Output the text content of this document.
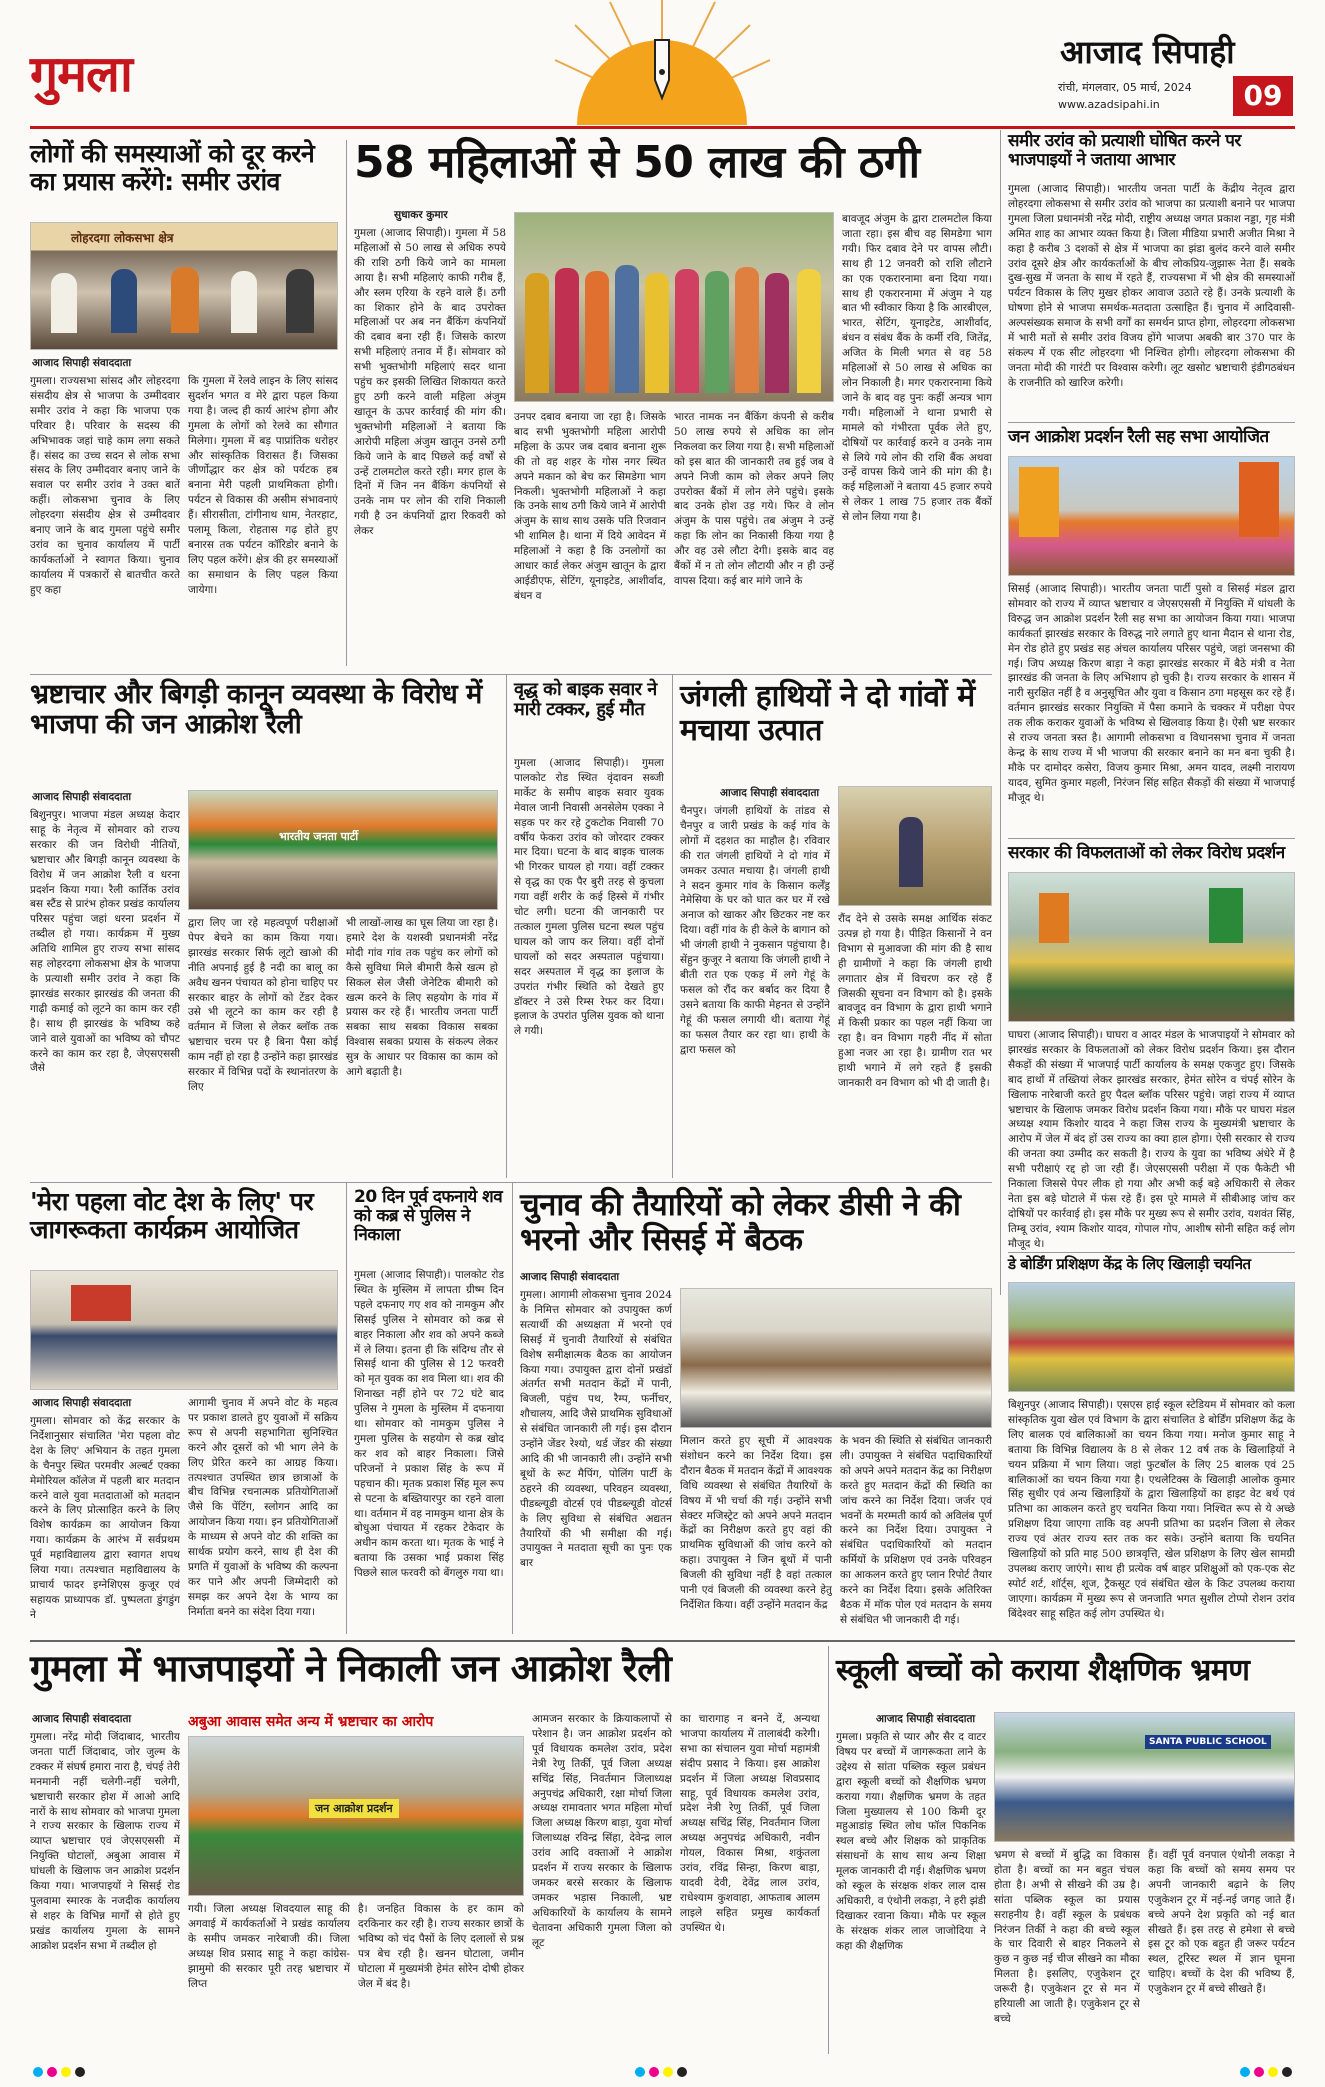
गुमला	आजाद सिपाही
रांची, मंगलवार, 05 मार्च, 2024
www.azadsipahi.in	09
लोगों की समस्याओं को दूर करने का प्रयास करेंगे: समीर उरांव
लोहरदगा लोकसभा क्षेत्र
आजाद सिपाही संवाददाता
गुमला। राज्यसभा सांसद और लोहरदगा संसदीय क्षेत्र से भाजपा के उम्मीदवार समीर उरांव ने कहा कि भाजपा एक परिवार है। परिवार के सदस्य की अभिभावक जहां चाहे काम लगा सकते हैं। संसद का उच्च सदन से लोक सभा संसद के लिए उम्मीदवार बनाए जाने के सवाल पर समीर उरांव ने उक्त बातें कहीं। लोकसभा चुनाव के लिए लोहरदगा संसदीय क्षेत्र से उम्मीदवार बनाए जाने के बाद गुमला पहुंचे समीर उरांव का चुनाव कार्यालय में पार्टी कार्यकर्ताओं ने स्वागत किया। चुनाव कार्यालय में पत्रकारों से बातचीत करते हुए कहा
कि गुमला में रेलवे लाइन के लिए सांसद सुदर्शन भगत व मेरे द्वारा पहल किया गया है। जल्द ही कार्य आरंभ होगा और गुमला के लोगों को रेलवे का सौगात मिलेगा। गुमला में बड़ पाप्रांतिक धरोहर और सांस्कृतिक विरासत हैं। जिसका जीर्णोद्धार कर क्षेत्र को पर्यटक हब बनाना मेरी पहली प्राथमिकता होगी। पर्यटन से विकास की असीम संभावनाएं हैं। सीरासीता, टांगीनाथ धाम, नेतरहाट, पलामू किला, रोहतास गढ़ होते हुए बनारस तक पर्यटन कॉरिडोर बनाने के लिए पहल करेंगे। क्षेत्र की हर समस्याओं का समाधान के लिए पहल किया जायेगा।
58 महिलाओं से 50 लाख की ठगी
सुधाकर कुमार
गुमला (आजाद सिपाही)। गुमला में 58 महिलाओं से 50 लाख से अधिक रुपये की राशि ठगी किये जाने का मामला आया है। सभी महिलाएं काफी गरीब हैं, और स्लम एरिया के रहने वाले हैं। ठगी का शिकार होने के बाद उपरोक्त महिलाओं पर अब नन बैंकिंग कंपनियों की दबाव बना रही हैं। जिसके कारण सभी महिलाएं तनाव में हैं। सोमवार को सभी भुक्तभोगी महिलाएं सदर थाना पहुंच कर इसकी लिखित शिकायत करते हुए ठगी करने वाली महिला अंजुम खातून के ऊपर कार्रवाई की मांग की। भुक्तभोगी महिलाओं ने बताया कि आरोपी महिला अंजुम खातून उनसे ठगी किये जाने के बाद पिछले कई वर्षों से उन्हें टालमटोल करते रही। मगर हाल के दिनों में जिन नन बैंकिंग कंपनियों से उनके नाम पर लोन की राशि निकाली गयी है उन कंपनियों द्वारा रिकवरी को लेकर
उनपर दबाव बनाया जा रहा है। जिसके बाद सभी भुक्तभोगी महिला आरोपी महिला के ऊपर जब दबाव बनाना शुरू की तो वह शहर के गोस नगर स्थित अपने मकान को बेच कर सिमडेगा भाग निकली। भुक्तभोगी महिलाओं ने कहा कि उनके साथ ठगी किये जाने में आरोपी अंजुम के साथ साथ उसके पति रिजवान भी शामिल है। थाना में दिये आवेदन में महिलाओं ने कहा है कि उनलोगों का आधार कार्ड लेकर अंजुम खातून के द्वारा आईडीएफ, सेटिंग, यूनाइटेड, आशीर्वाद, बंधन व
भारत नामक नन बैंकिंग कंपनी से करीब 50 लाख रुपये से अधिक का लोन निकलवा कर लिया गया है। सभी महिलाओं को इस बात की जानकारी तब हुई जब वे अपने निजी काम को लेकर अपने लिए उपरोक्त बैंकों में लोन लेने पहुंचे। इसके बाद उनके होश उड़ गये। फिर वे लोन अंजुम के पास पहुंचे। तब अंजुम ने उन्हें कहा कि लोन का निकासी किया गया है और वह उसे लौटा देगी। इसके बाद वह बैंकों में न तो लोन लौटायी और न ही उन्हें वापस दिया। कई बार मांगे जाने के
बावजूद अंजुम के द्वारा टालमटोल किया जाता रहा। इस बीच वह सिमडेगा भाग गयी। फिर दबाव देने पर वापस लौटी। साथ ही 12 जनवरी को राशि लौटाने का एक एकरारनामा बना दिया गया। साथ ही एकरारनामा में अंजुम ने यह बात भी स्वीकार किया है कि आरबीएल, भारत, सेटिंग, यूनाइटेड, आशीर्वाद, बंधन व संबंध बैंक के कर्मी रवि, जितेंद्र, अजित के मिली भगत से वह 58 महिलाओं से 50 लाख से अधिक का लोन निकाली है। मगर एकरारनामा किये जाने के बाद वह पुनः कहीं अन्यत्र भाग गयी। महिलाओं ने थाना प्रभारी से मामले को गंभीरता पूर्वक लेते हुए, दोषियों पर कार्रवाई करने व उनके नाम से लिये गये लोन की राशि बैंक अथवा उन्हें वापस किये जाने की मांग की है। कई महिलाओं ने बताया 45 हजार रुपये से लेकर 1 लाख 75 हजार तक बैंकों से लोन लिया गया है।
समीर उरांव को प्रत्याशी घोषित करने पर भाजपाइयों ने जताया आभार
गुमला (आजाद सिपाही)। भारतीय जनता पार्टी के केंद्रीय नेतृत्व द्वारा लोहरदगा लोकसभा से समीर उरांव को भाजपा का प्रत्याशी बनाने पर भाजपा गुमला जिला प्रधानमंत्री नरेंद्र मोदी, राष्ट्रीय अध्यक्ष जगत प्रकाश नड्डा, गृह मंत्री अमित शाह का आभार व्यक्त किया है। जिला मीडिया प्रभारी अजीत मिश्रा ने कहा है करीब 3 दशकों से क्षेत्र में भाजपा का झंडा बुलंद करने वाले समीर उरांव दूसरे क्षेत्र और कार्यकर्ताओं के बीच लोकप्रिय-जुझारू नेता हैं। सबके दुख-सुख में जनता के साथ में रहते हैं, राज्यसभा में भी क्षेत्र की समस्याओं पर्यटन विकास के लिए मुखर होकर आवाज उठाते रहे हैं। उनके प्रत्याशी के घोषणा होने से भाजपा समर्थक-मतदाता उत्साहित हैं। चुनाव में आदिवासी-अल्पसंख्यक समाज के सभी वर्गों का समर्थन प्राप्त होगा, लोहरदगा लोकसभा में भारी मतों से समीर उरांव विजय होंगे भाजपा अबकी बार 370 पार के संकल्प में एक सीट लोहरदगा भी निश्चित होगी। लोहरदगा लोकसभा की जनता मोदी की गारंटी पर विश्वास करेगी। लूट खसोट भ्रष्टाचारी इंडीगठबंधन के राजनीति को खारिज करेगी।
जन आक्रोश प्रदर्शन रैली सह सभा आयोजित
सिसई (आजाद सिपाही)। भारतीय जनता पार्टी पुसो व सिसई मंडल द्वारा सोमवार को राज्य में व्याप्त भ्रष्टाचार व जेएसएससी में नियुक्ति में धांधली के विरुद्ध जन आक्रोश प्रदर्शन रैली सह सभा का आयोजन किया गया। भाजपा कार्यकर्ता झारखंड सरकार के विरुद्ध नारे लगाते हुए थाना मैदान से थाना रोड, मेन रोड होते हुए प्रखंड सह अंचल कार्यालय परिसर पहुंचे, जहां जनसभा की गई। जिप अध्यक्ष किरण बाड़ा ने कहा झारखंड सरकार में बैठे मंत्री व नेता झारखंड की जनता के लिए अभिशाप हो चुकी है। राज्य सरकार के शासन में नारी सुरक्षित नहीं है व अनुसूचित और युवा व किसान ठगा महसूस कर रहे हैं। वर्तमान झारखंड सरकार नियुक्ति में पैसा कमाने के चक्कर में परीक्षा पेपर तक लीक कराकर युवाओं के भविष्य से खिलवाड़ किया है। ऐसी भ्रष्ट सरकार से राज्य जनता त्रस्त है। आगामी लोकसभा व विधानसभा चुनाव में जनता केन्द्र के साथ राज्य में भी भाजपा की सरकार बनाने का मन बना चुकी है। मौके पर दामोदर कसेरा, विजय कुमार मिश्रा, अमन यादव, लक्ष्मी नारायण यादव, सुमित कुमार महली, निरंजन सिंह सहित सैकड़ों की संख्या में भाजपाई मौजूद थे।
सरकार की विफलताओं को लेकर विरोध प्रदर्शन
घाघरा (आजाद सिपाही)। घाघरा व आदर मंडल के भाजपाइयों ने सोमवार को झारखंड सरकार के विफलताओं को लेकर विरोध प्रदर्शन किया। इस दौरान सैकड़ों की संख्या में भाजपाई पार्टी कार्यालय के समक्ष एकजुट हुए। जिसके बाद हाथों में तख्तियां लेकर झारखंड सरकार, हेमंत सोरेन व चंपई सोरेन के खिलाफ नारेबाजी करते हुए पैदल ब्लॉक परिसर पहुंचे। जहां राज्य में व्याप्त भ्रष्टाचार के खिलाफ जमकर विरोध प्रदर्शन किया गया। मौके पर घाघरा मंडल अध्यक्ष श्याम किशोर यादव ने कहा जिस राज्य के मुख्यमंत्री भ्रष्टाचार के आरोप में जेल में बंद हों उस राज्य का क्या हाल होगा। ऐसी सरकार से राज्य की जनता क्या उम्मीद कर सकती है। राज्य के युवा का भविष्य अंधेरे में है सभी परीक्षाएं रद्द हो जा रही हैं। जेएसएससी परीक्षा में एक फैकेटी भी निकाला जिससे पेपर लीक हो गया और अभी कई बड़े अधिकारी से लेकर नेता इस बड़े घोटाले में फंस रहे हैं। इस पूरे मामले में सीबीआइ जांच कर दोषियों पर कार्रवाई हो। इस मौके पर मुख्य रूप से समीर उरांव, यशवंत सिंह, तिम्बू उरांव, श्याम किशोर यादव, गोपाल गोप, आशीष सोनी सहित कई लोग मौजूद थे।
डे बोर्डिंग प्रशिक्षण केंद्र के लिए खिलाड़ी चयनित
बिशुनपुर (आजाद सिपाही)। एसएस हाई स्कूल स्टेडियम में सोमवार को कला सांस्कृतिक युवा खेल एवं विभाग के द्वारा संचालित डे बोर्डिंग प्रशिक्षण केंद्र के लिए बालक एवं बालिकाओं का चयन किया गया। मनोज कुमार साहू ने बताया कि विभिन्न विद्यालय के 8 से लेकर 12 वर्ष तक के खिलाड़ियों ने चयन प्रक्रिया में भाग लिया। जहां फुटबॉल के लिए 25 बालक एवं 25 बालिकाओं का चयन किया गया है। एथलेटिक्स के खिलाड़ी आलोक कुमार सिंह सुधीर एवं अन्य खिलाड़ियों के द्वारा खिलाड़ियों का हाइट वेट बर्थ एवं प्रतिभा का आकलन करते हुए चयनित किया गया। निश्चित रूप से ये अच्छे प्रशिक्षण दिया जाएगा ताकि वह अपनी प्रतिभा का प्रदर्शन जिला से लेकर राज्य एवं अंतर राज्य स्तर तक कर सके। उन्होंने बताया कि चयनित खिलाड़ियों को प्रति माह 500 छात्रवृत्ति, खेल प्रशिक्षण के लिए खेल सामग्री उपलब्ध कराए जाएंगे। साथ ही प्रत्येक वर्ष बाहर प्रशिक्षुओं को एक-एक सेट स्पोर्ट शर्ट, शॉर्ट्स, शूज, ट्रैकसूट एवं संबंधित खेल के किट उपलब्ध कराया जाएगा। कार्यक्रम में मुख्य रूप से जनजाति भगत सुशील टोप्पो रोशन उरांव बिंदेश्वर साहू सहित कई लोग उपस्थित थे।
भ्रष्टाचार और बिगड़ी कानून व्यवस्था के विरोध में भाजपा की जन आक्रोश रैली
आजाद सिपाही संवाददाता
बिशुनपुर। भाजपा मंडल अध्यक्ष केदार साहू के नेतृत्व में सोमवार को राज्य सरकार की जन विरोधी नीतियों, भ्रष्टाचार और बिगड़ी कानून व्यवस्था के विरोध में जन आक्रोश रैली व धरना प्रदर्शन किया गया। रैली कार्तिक उरांव बस स्टैंड से प्रारंभ होकर प्रखंड कार्यालय परिसर पहुंचा जहां धरना प्रदर्शन में तब्दील हो गया। कार्यक्रम में मुख्य अतिथि शामिल हुए राज्य सभा सांसद सह लोहरदगा लोकसभा क्षेत्र के भाजपा के प्रत्याशी समीर उरांव ने कहा कि झारखंड सरकार झारखंड की जनता की गाढ़ी कमाई को लूटने का काम कर रही है। साथ ही झारखंड के भविष्य कहे जाने वाले युवाओं का भविष्य को चौपट करने का काम कर रहा है, जेएसएससी जैसे
भारतीय जनता पार्टी
द्वारा लिए जा रहे महत्वपूर्ण परीक्षाओं पेपर बेचने का काम किया गया। झारखंड सरकार सिर्फ लूटो खाओ की नीति अपनाई हुई है नदी का बालू का अवैध खनन पंचायत को होना चाहिए पर सरकार बाहर के लोगों को टेंडर देकर उसे भी लूटने का काम कर रही है वर्तमान में जिला से लेकर ब्लॉक तक भ्रष्टाचार चरम पर है बिना पैसा कोई काम नहीं हो रहा है उन्होंने कहा झारखंड सरकार में विभिन्न पदों के स्थानांतरण के लिए
भी लाखों-लाख का घूस लिया जा रहा है। हमारे देश के यशस्वी प्रधानमंत्री नरेंद्र मोदी गांव गांव तक पहुंच कर लोगों को कैसे सुविधा मिले बीमारी कैसे खत्म हो सिकल सेल जैसी जेनेटिक बीमारी को खत्म करने के लिए सहयोग के गांव में प्रयास कर रहे हैं। भारतीय जनता पार्टी सबका साथ सबका विकास सबका विश्वास सबका प्रयास के संकल्प लेकर सुत्र के आधार पर विकास का काम को आगे बढ़ाती है।
वृद्ध को बाइक सवार ने मारी टक्कर, हुई मौत
गुमला (आजाद सिपाही)। गुमला पालकोट रोड स्थित वृंदावन सब्जी मार्केट के समीप बाइक सवार युवक मेवाल जानी निवासी अनसेलेम एक्का ने सड़क पर कर रहे टुकटोक निवासी 70 वर्षीय फेकरा उरांव को जोरदार टक्कर मार दिया। घटना के बाद बाइक चालक भी गिरकर घायल हो गया। वहीं टक्कर से वृद्ध का एक पैर बुरी तरह से कुचला गया वहीं शरीर के कई हिस्से में गंभीर चोट लगी। घटना की जानकारी पर तत्काल गुमला पुलिस घटना स्थल पहुंच घायल को जाप कर लिया। वहीं दोनों घायलों को सदर अस्पताल पहुंचाया। सदर अस्पताल में वृद्ध का इलाज के उपरांत गंभीर स्थिति को देखते हुए डॉक्टर ने उसे रिम्स रेफर कर दिया। इलाज के उपरांत पुलिस युवक को थाना ले गयी।
जंगली हाथियों ने दो गांवों में मचाया उत्पात
आजाद सिपाही संवाददाता
चैनपुर। जंगली हाथियों के तांडव से चैनपुर व जारी प्रखंड के कई गांव के लोगों में दहशत का माहौल है। रविवार की रात जंगली हाथियों ने दो गांव में जमकर उत्पात मचाया है। जंगली हाथी ने सदन कुमार गांव के किसान कर्लेंड्र नेमेसिया के घर को घात कर घर में रखे अनाज को खाकर और छिटकर नष्ट कर दिया। वहीं गांव के ही केले के बागान को भी जंगली हाथी ने नुकसान पहुंचाया है। सेंहुन कुजूर ने बताया कि जंगली हाथी ने बीती रात एक एकड़ में लगे गेहूं के फसल को रौंद कर बर्बाद कर दिया है उसने बताया कि काफी मेहनत से उन्होंने गेहूं की फसल लगायी थी। बताया गेहूं का फसल तैयार कर रहा था। हाथी के द्वारा फसल को
रौंद देने से उसके समक्ष आर्थिक संकट उत्पन्न हो गया है। पीड़ित किसानों ने वन विभाग से मुआवजा की मांग की है साथ ही ग्रामीणों ने कहा कि जंगली हाथी लगातार क्षेत्र में विचरण कर रहे हैं जिसकी सूचना वन विभाग को है। इसके बावजूद वन विभाग के द्वारा हाथी भगाने में किसी प्रकार का पहल नहीं किया जा रहा है। वन विभाग गहरी नींद में सोता हुआ नजर आ रहा है। ग्रामीण रात भर हाथी भगाने में लगे रहते हैं इसकी जानकारी वन विभाग को भी दी जाती है।
'मेरा पहला वोट देश के लिए' पर जागरूकता कार्यक्रम आयोजित
आजाद सिपाही संवाददाता
गुमला। सोमवार को केंद्र सरकार के निर्देशानुसार संचालित 'मेरा पहला वोट देश के लिए' अभियान के तहत गुमला के चैनपुर स्थित परमवीर अल्बर्ट एक्का मेमोरियल कॉलेज में पहली बार मतदान करने वाले युवा मतदाताओं को मतदान करने के लिए प्रोत्साहित करने के लिए विशेष कार्यक्रम का आयोजन किया गया। कार्यक्रम के आरंभ में सर्वप्रथम पूर्व महाविद्यालय द्वारा स्वागत शपथ लिया गया। तत्पश्चात महाविद्यालय के प्राचार्य फादर इग्नेशिएस कुजूर एवं सहायक प्राध्यापक डॉ. पुष्पलता डुंगडुंग ने
आगामी चुनाव में अपने वोट के महत्व पर प्रकाश डालते हुए युवाओं में सक्रिय रूप से अपनी सहभागिता सुनिश्चित करने और दूसरों को भी भाग लेने के लिए प्रेरित करने का आग्रह किया। तत्पश्चात उपस्थित छात्र छात्राओं के बीच विभिन्न रचनात्मक प्रतियोगिताओं जैसे कि पेंटिंग, स्लोगन आदि का आयोजन किया गया। इन प्रतियोगिताओं के माध्यम से अपने वोट की शक्ति का सार्थक प्रयोग करने, साथ ही देश की प्रगति में युवाओं के भविष्य की कल्पना कर पाने और अपनी जिम्मेदारी को समझ कर अपने देश के भाग्य का निर्माता बनने का संदेश दिया गया।
20 दिन पूर्व दफनाये शव को कब्र से पुलिस ने निकाला
गुमला (आजाद सिपाही)। पालकोट रोड स्थित के मुस्लिम में लापता ग्रीष्म दिन पहले दफनाए गए शव को नामकुम और सिसई पुलिस ने सोमवार को कब्र से बाहर निकाला और शव को अपने कब्जे में ले लिया। इतना ही कि संदिग्ध तौर से सिसई थाना की पुलिस से 12 फरवरी को मृत युवक का शव मिला था। शव की शिनाख्त नहीं होने पर 72 घंटे बाद पुलिस ने गुमला के मुस्लिम में दफनाया था। सोमवार को नामकुम पुलिस ने गुमला पुलिस के सहयोग से कब्र खोद कर शव को बाहर निकाला। जिसे परिजनों ने प्रकाश सिंह के रूप में पहचान की। मृतक प्रकाश सिंह मूल रूप से पटना के बख्तियारपुर का रहने वाला था। वर्तमान में वह नामकुम थाना क्षेत्र के बोधुआ पंचायत में रहकर टेकेदार के अधीन काम करता था। मृतक के भाई ने बताया कि उसका भाई प्रकाश सिंह पिछले साल फरवरी को बेंगलुरु गया था।
चुनाव की तैयारियों को लेकर डीसी ने की भरनो और सिसई में बैठक
आजाद सिपाही संवाददाता
गुमला। आगामी लोकसभा चुनाव 2024 के निमित्त सोमवार को उपायुक्त कर्ण सत्यार्थी की अध्यक्षता में भरनो एवं सिसई में चुनावी तैयारियों से संबंधित विशेष समीक्षात्मक बैठक का आयोजन किया गया। उपायुक्त द्वारा दोनों प्रखंडों अंतर्गत सभी मतदान केंद्रों में पानी, बिजली, पहुंच पथ, रैम्प, फर्नीचर, शौचालय, आदि जैसे प्राथमिक सुविधाओं से संबंधित जानकारी ली गई। इस दौरान उन्होंने जेंडर रेश्यो, थर्ड जेंडर की संख्या आदि की भी जानकारी ली। उन्होंने सभी बूथों के रूट मैपिंग, पोलिंग पार्टी के ठहरने की व्यवस्था, परिवहन व्यवस्था, पीडब्ल्यूडी वोटर्स एवं पीडब्ल्यूडी वोटर्स के लिए सुविधा से संबंधित अद्यतन तैयारियों की भी समीक्षा की गई। उपायुक्त ने मतदाता सूची का पुनः एक बार
मिलान करते हुए सूची में आवश्यक संशोधन करने का निर्देश दिया। इस दौरान बैठक में मतदान केंद्रों में आवश्यक विधि व्यवस्था से संबंधित तैयारियों के विषय में भी चर्चा की गई। उन्होंने सभी सेक्टर मजिस्ट्रेट को अपने अपने मतदान केंद्रों का निरीक्षण करते हुए वहां की प्राथमिक सुविधाओं की जांच करने को कहा। उपायुक्त ने जिन बूथों में पानी बिजली की सुविधा नहीं है वहां तत्काल पानी एवं बिजली की व्यवस्था करने हेतु निर्देशित किया। वहीं उन्होंने मतदान केंद्र
के भवन की स्थिति से संबंधित जानकारी ली। उपायुक्त ने संबंधित पदाधिकारियों को अपने अपने मतदान केंद्र का निरीक्षण करते हुए मतदान केंद्रों की स्थिति का जांच करने का निर्देश दिया। जर्जर एवं भवनों के मरम्मती कार्य को अविलंब पूर्ण करने का निर्देश दिया। उपायुक्त ने संबंधित पदाधिकारियों को मतदान कर्मियों के प्रशिक्षण एवं उनके परिवहन का आकलन करते हुए प्लान रिपोर्ट तैयार करने का निर्देश दिया। इसके अतिरिक्त बैठक में मॉक पोल एवं मतदान के समय से संबंधित भी जानकारी दी गई।
गुमला में भाजपाइयों ने निकाली जन आक्रोश रैली
आजाद सिपाही संवाददाता
गुमला। नरेंद्र मोदी जिंदाबाद, भारतीय जनता पार्टी जिंदाबाद, जोर जुल्म के टक्कर में संघर्ष हमारा नारा है, चंपई तेरी मनमानी नहीं चलेगी-नहीं चलेगी, भ्रष्टाचारी सरकार होश में आओ आदि नारों के साथ सोमवार को भाजपा गुमला ने राज्य सरकार के खिलाफ राज्य में व्याप्त भ्रष्टाचार एवं जेएसएससी में नियुक्ति घोटालों, अबुआ आवास में घांधली के खिलाफ जन आक्रोश प्रदर्शन किया गया। भाजपाइयों ने सिसई रोड पुलवामा स्मारक के नजदीक कार्यालय से शहर के विभिन्न मार्गों से होते हुए प्रखंड कार्यालय गुमला के सामने आक्रोश प्रदर्शन सभा में तब्दील हो
अबुआ आवास समेत अन्य में भ्रष्टाचार का आरोप
जन आक्रोश प्रदर्शन
गयी। जिला अध्यक्ष शिवदयाल साहू की अगवाई में कार्यकर्ताओं ने प्रखंड कार्यालय के समीप जमकर नारेबाजी की। जिला अध्यक्ष शिव प्रसाद साहू ने कहा कांग्रेस-झामुमो की सरकार पूरी तरह भ्रष्टाचार में लिप्त
है। जनहित विकास के हर काम को दरकिनार कर रही है। राज्य सरकार छात्रों के भविष्य को चंद पैसों के लिए दलालों से प्रश्न पत्र बेच रही है। खनन घोटाला, जमीन घोटाला में मुख्यमंत्री हेमंत सोरेन दोषी होकर जेल में बंद है।
आमजन सरकार के क्रियाकलापों से परेशान है। जन आक्रोश प्रदर्शन को पूर्व विधायक कमलेश उरांव, प्रदेश नेत्री रेणु तिर्की, पूर्व जिला अध्यक्ष सचिंद्र सिंह, निवर्तमान जिलाध्यक्ष अनुपचंद्र अधिकारी, रक्षा मोर्चा जिला अध्यक्ष रामावतार भगत महिला मोर्चा जिला अध्यक्ष किरण बाड़ा, युवा मोर्चा जिलाध्यक्ष रविन्द्र सिंहा, देवेन्द्र लाल उरांव आदि वक्ताओं ने आक्रोश प्रदर्शन में राज्य सरकार के खिलाफ जमकर बरसे सरकार के खिलाफ जमकर भड़ास निकाली, भ्रष्ट अधिकारियों के कार्यालय के सामने चेतावना अधिकारी गुमला जिला को लूट
का चारागाह न बनने दें, अन्यथा भाजपा कार्यालय में तालाबंदी करेगी। सभा का संचालन युवा मोर्चा महामंत्री संदीप प्रसाद ने किया। इस आक्रोश प्रदर्शन में जिला अध्यक्ष शिवप्रसाद साहू, पूर्व विधायक कमलेश उरांव, प्रदेश नेत्री रेणु तिर्की, पूर्व जिला अध्यक्ष सचिंद्र सिंह, निवर्तमान जिला अध्यक्ष अनुपचंद्र अधिकारी, नवीन गोयल, विकास मिश्रा, शकुंतला उरांव, रविंद्र सिन्हा, किरण बाड़ा, यादवी देवी, देवेंद्र लाल उरांव, राधेश्याम कुशवाहा, आफताब आलम लाइले सहित प्रमुख कार्यकर्ता उपस्थित थे।
स्कूली बच्चों को कराया शैक्षणिक भ्रमण
आजाद सिपाही संवाददाता
गुमला। प्रकृति से प्यार और सैर द वाटर विषय पर बच्चों में जागरूकता लाने के उद्देश्य से सांता पब्लिक स्कूल प्रबंधन द्वारा स्कूली बच्चों को शैक्षणिक भ्रमण कराया गया। शैक्षणिक भ्रमण के तहत जिला मुख्यालय से 100 किमी दूर महुआडांड़ स्थित लोध फॉल पिकनिक स्थल बच्चे और शिक्षक को प्राकृतिक संसाधनों के साथ साथ अन्य शिक्षा मूलक जानकारी दी गई। शैक्षणिक भ्रमण को स्कूल के संरक्षक शंकर लाल दास अधिकारी, व एंथोनी लकड़ा, ने हरी झंडी दिखाकर रवाना किया। मौके पर स्कूल के संरक्षक शंकर लाल जाजोदिया ने कहा की शैक्षणिक
SANTA PUBLIC SCHOOL
भ्रमण से बच्चों में बुद्धि का विकास होता है। बच्चों का मन बहुत चंचल होता है। अभी से सीखने की उम्र है। सांता पब्लिक स्कूल का प्रयास सराहनीय है। वहीं स्कूल के प्रबंधक निरंजन तिर्की ने कहा की बच्चे स्कूल के चार दिवारी से बाहर निकलने से कुछ न कुछ नई चीज सीखने का मौका मिलता है। इसलिए, एजुकेशन टूर जरूरी है। एजुकेशन टूर से मन में हरियाली आ जाती है। एजुकेशन टूर से बच्चे
हैं। वहीं पूर्व वनपाल एंथोनी लकड़ा ने कहा कि बच्चों को समय समय पर अपनी जानकारी बढ़ाने के लिए एजुकेशन टूर में नई-नई जगह जाते हैं। बच्चे अपने देश प्रकृति को नई बात सीखते हैं। इस तरह से हमेशा से बच्चे इस टूर को एक बहुत ही जरूर पर्यटन स्थल, टूरिस्ट स्थल में ज्ञान घूमना चाहिए। बच्चों के देश की भविष्य हैं, एजुकेशन टूर में बच्चे सीखते हैं।
